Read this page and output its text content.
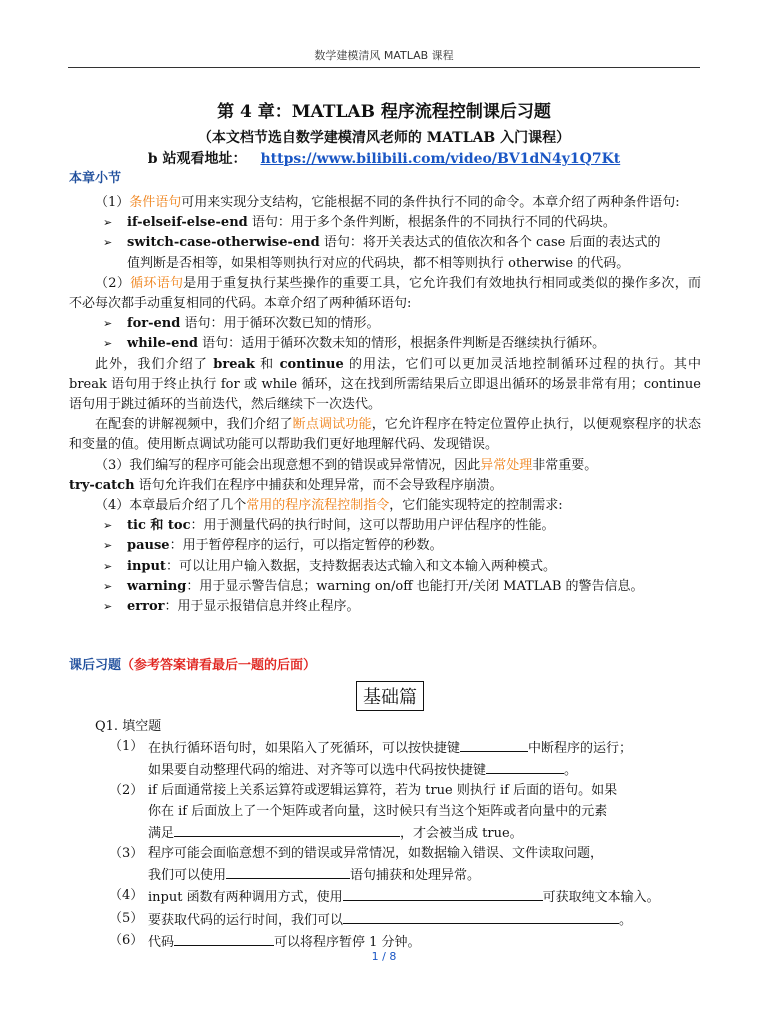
数学建模清风 MATLAB 课程
第 4 章：MATLAB 程序流程控制课后习题
（本文档节选自数学建模清风老师的 MATLAB 入门课程）
b 站观看地址： https://www.bilibili.com/video/BV1dN4y1Q7Kt
本章小节

（1）条件语句可用来实现分支结构，它能根据不同的条件执行不同的命令。本章介绍了两种条件语句:

➢ if-elseif-else-end 语句：用于多个条件判断，根据条件的不同执行不同的代码块。

➢ switch-case-otherwise-end 语句：将开关表达式的值依次和各个 case 后面的表达式的
值判断是否相等，如果相等则执行对应的代码块，都不相等则执行 otherwise 的代码。

（2）循环语句是用于重复执行某些操作的重要工具，它允许我们有效地执行相同或类似的操作多次，而不必每次都手动重复相同的代码。本章介绍了两种循环语句:

➢ for-end 语句：用于循环次数已知的情形。

➢ while-end 语句：适用于循环次数未知的情形，根据条件判断是否继续执行循环。

此外，我们介绍了 break 和 continue 的用法，它们可以更加灵活地控制循环过程的执行。其中 break 语句用于终止执行 for 或 while 循环，这在找到所需结果后立即退出循环的场景非常有用；continue 语句用于跳过循环的当前迭代，然后继续下一次迭代。

在配套的讲解视频中，我们介绍了断点调试功能，它允许程序在特定位置停止执行，以便观察程序的状态和变量的值。使用断点调试功能可以帮助我们更好地理解代码、发现错误。

（3）我们编写的程序可能会出现意想不到的错误或异常情况，因此异常处理非常重要。

try-catch 语句允许我们在程序中捕获和处理异常，而不会导致程序崩溃。

（4）本章最后介绍了几个常用的程序流程控制指令，它们能实现特定的控制需求:

➢ tic 和 toc：用于测量代码的执行时间，这可以帮助用户评估程序的性能。

➢ pause：用于暂停程序的运行，可以指定暂停的秒数。

➢ input：可以让用户输入数据，支持数据表达式输入和文本输入两种模式。

➢ warning：用于显示警告信息；warning on/off 也能打开/关闭 MATLAB 的警告信息。

➢ error：用于显示报错信息并终止程序。

课后习题（参考答案请看最后一题的后面）
基础篇
Q1. 填空题

（1） 在执行循环语句时，如果陷入了死循环，可以按快捷键	中断程序的运行；
如果要自动整理代码的缩进、对齐等可以选中代码按快捷键	。

（2） if 后面通常接上关系运算符或逻辑运算符，若为 true 则执行 if 后面的语句。如果
你在 if 后面放上了一个矩阵或者向量，这时候只有当这个矩阵或者向量中的元素
满足	，才会被当成 true。

（3） 程序可能会面临意想不到的错误或异常情况，如数据输入错误、文件读取问题，
我们可以使用	语句捕获和处理异常。

（4） input 函数有两种调用方式，使用	可获取纯文本输入。

（5） 要获取代码的运行时间，我们可以	。

（6） 代码	可以将程序暂停 1 分钟。

1 / 8
